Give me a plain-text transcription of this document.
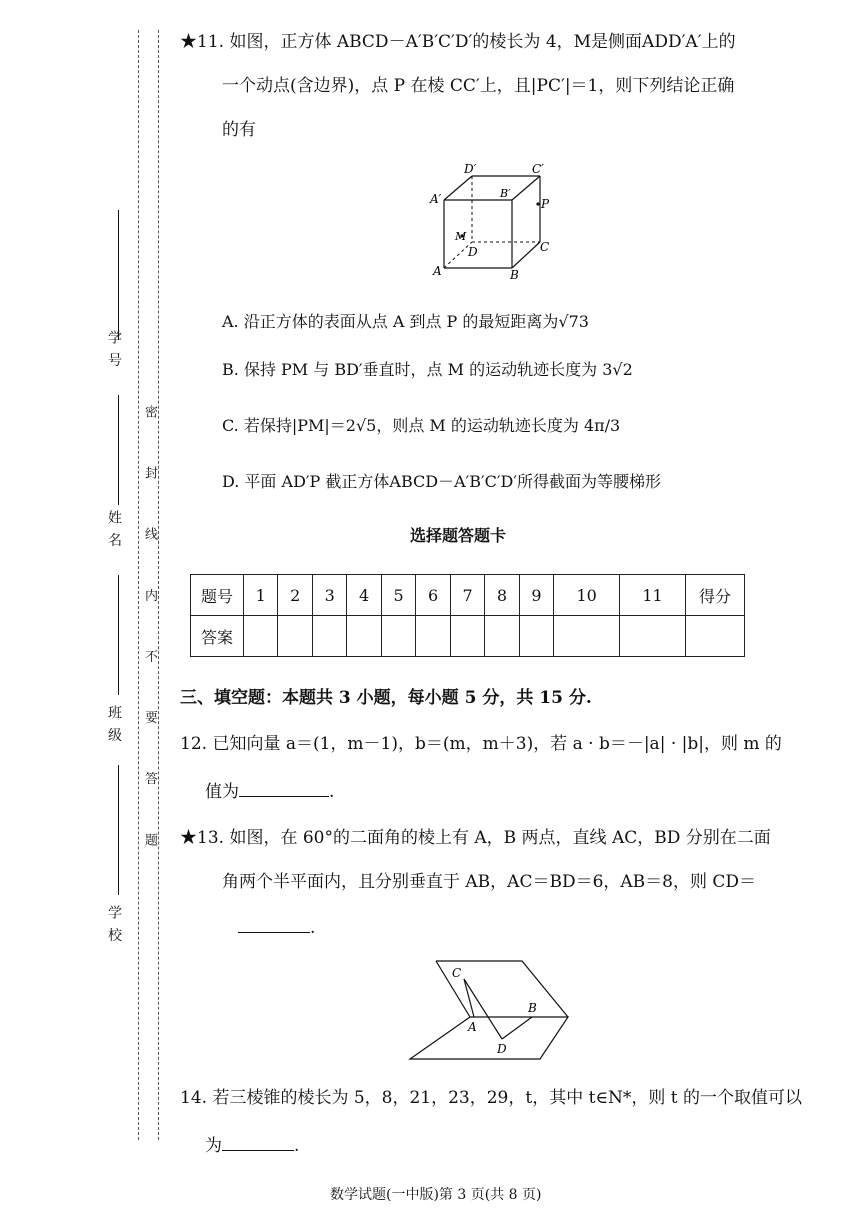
学 号
姓 名
班 级
学 校
密 封 线 内 不 要 答 题
★11. 如图，正方体 ABCD－A′B′C′D′的棱长为 4，M是侧面ADD′A′上的
一个动点(含边界)，点 P 在棱 CC′上，且|PC′|＝1，则下列结论正确
的有
D′	C′
A′	B′
P
M
D	C
A	B
A. 沿正方体的表面从点 A 到点 P 的最短距离为√73
B. 保持 PM 与 BD′垂直时，点 M 的运动轨迹长度为 3√2
C. 若保持|PM|＝2√5，则点 M 的运动轨迹长度为 4π/3
D. 平面 AD′P 截正方体ABCD－A′B′C′D′所得截面为等腰梯形
选择题答题卡
题号	1	2	3	4	5	6	7	8	9	10	11	得分
答案												
三、填空题：本题共 3 小题，每小题 5 分，共 15 分.
12. 已知向量 a＝(1，m－1)，b＝(m，m＋3)，若 a · b＝－|a| · |b|，则 m 的
值为	.
★13. 如图，在 60°的二面角的棱上有 A，B 两点，直线 AC，BD 分别在二面
角两个半平面内，且分别垂直于 AB，AC＝BD＝6，AB＝8，则 CD＝
.
C
A
B
D
14. 若三棱锥的棱长为 5，8，21，23，29，t，其中 t∈N*，则 t 的一个取值可以
为	.
数学试题(一中版)第 3 页(共 8 页)
